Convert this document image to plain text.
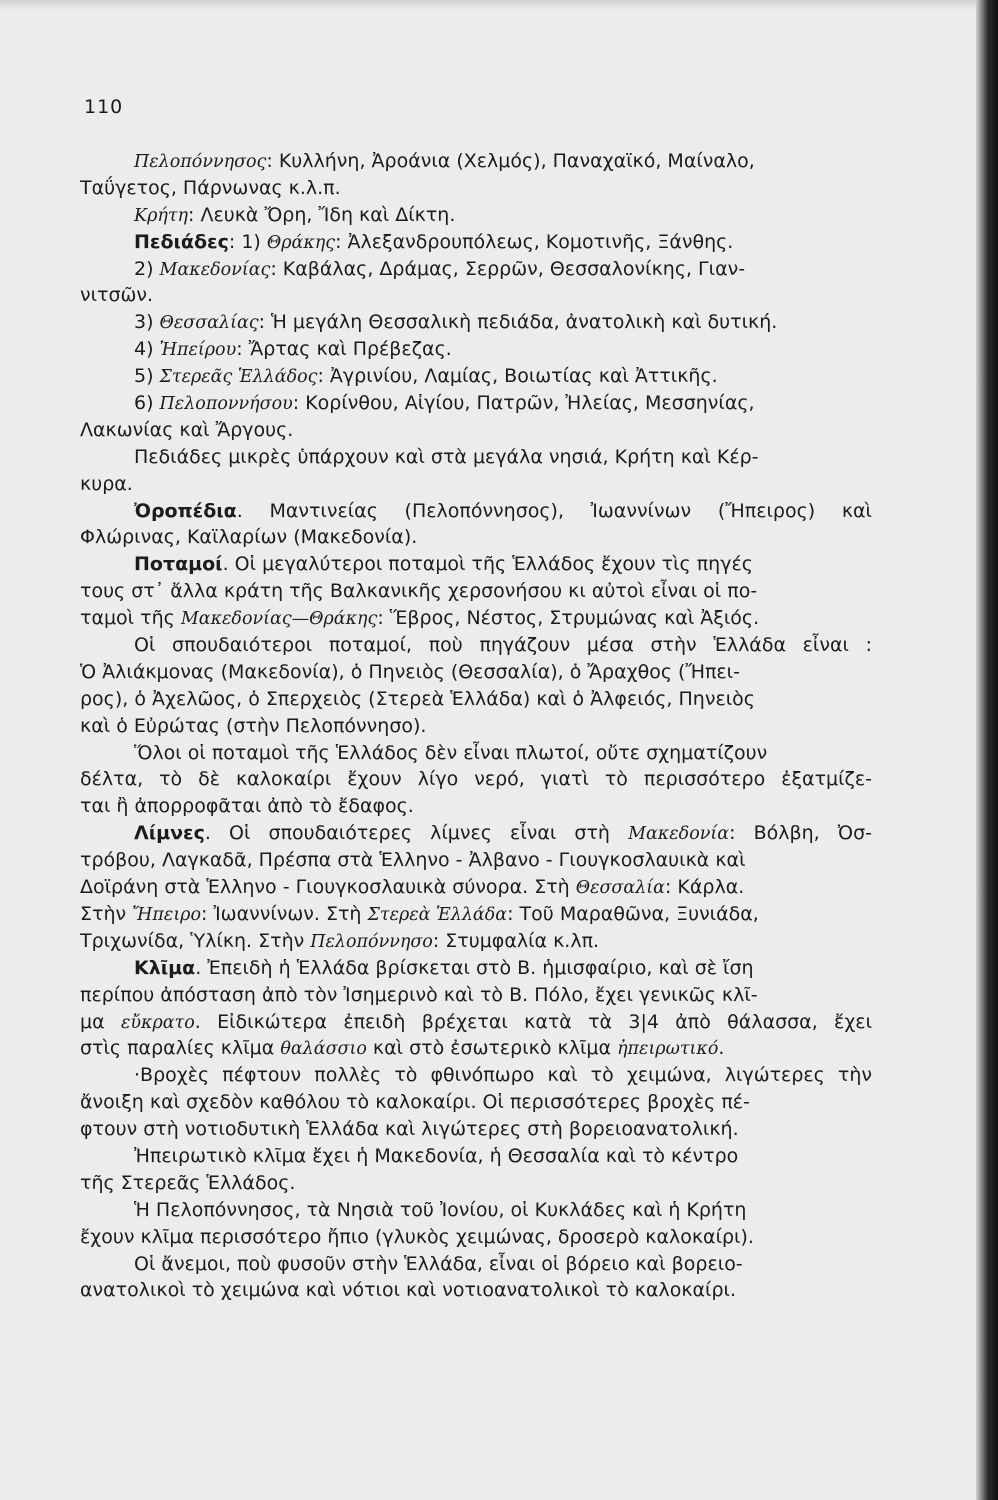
110
Πελοπόννησος: Κυλλήνη, Ἀροάνια (Χελμός), Παναχαϊκό, Μαίναλο,
Ταΰγετος, Πάρνωνας κ.λ.π.
Κρήτη: Λευκὰ Ὄρη, Ἴδη καὶ Δίκτη.
Πεδιάδες: 1) Θράκης: Ἀλεξανδρουπόλεως, Κομοτινῆς, Ξάνθης.
2) Μακεδονίας: Καβάλας, Δράμας, Σερρῶν, Θεσσαλονίκης, Γιαν-
νιτσῶν.
3) Θεσσαλίας: Ἡ μεγάλη Θεσσαλικὴ πεδιάδα, ἀνατολικὴ καὶ δυτική.
4) Ἠπείρου: Ἄρτας καὶ Πρέβεζας.
5) Στερεᾶς Ἑλλάδος: Ἀγρινίου, Λαμίας, Βοιωτίας καὶ Ἀττικῆς.
6) Πελοποννήσου: Κορίνθου, Αἰγίου, Πατρῶν, Ἠλείας, Μεσσηνίας,
Λακωνίας καὶ Ἄργους.
Πεδιάδες μικρὲς ὑπάρχουν καὶ στὰ μεγάλα νησιά, Κρήτη καὶ Κέρ-
κυρα.
Ὀροπέδια. Μαντινείας (Πελοπόννησος), Ἰωαννίνων (Ἤπειρος) καὶ
Φλώρινας, Καϊλαρίων (Μακεδονία).
Ποταμοί. Οἱ μεγαλύτεροι ποταμοὶ τῆς Ἑλλάδος ἔχουν τὶς πηγές
τους στ᾽ ἄλλα κράτη τῆς Βαλκανικῆς χερσονήσου κι αὐτοὶ εἶναι οἱ πο-
ταμοὶ τῆς Μακεδονίας—Θράκης: Ἕβρος, Νέστος, Στρυμώνας καὶ Ἀξιός.
Οἱ σπουδαιότεροι ποταμοί, ποὺ πηγάζουν μέσα στὴν Ἑλλάδα εἶναι :
Ὁ Ἀλιάκμονας (Μακεδονία), ὁ Πηνειὸς (Θεσσαλία), ὁ Ἄραχθος (Ἤπει-
ρος), ὁ Ἀχελῶος, ὁ Σπερχειὸς (Στερεὰ Ἑλλάδα) καὶ ὁ Ἀλφειός, Πηνειὸς
καὶ ὁ Εὐρώτας (στὴν Πελοπόννησο).
Ὅλοι οἱ ποταμοὶ τῆς Ἑλλάδος δὲν εἶναι πλωτοί, οὔτε σχηματίζουν
δέλτα, τὸ δὲ καλοκαίρι ἔχουν λίγο νερό, γιατὶ τὸ περισσότερο ἐξατμίζε-
ται ἢ ἀπορροφᾶται ἀπὸ τὸ ἔδαφος.
Λίμνες. Οἱ σπουδαιότερες λίμνες εἶναι στὴ Μακεδονία: Βόλβη, Ὀσ-
τρόβου, Λαγκαδᾶ, Πρέσπα στὰ Ἑλληνο - Ἀλβανο - Γιουγκοσλαυικὰ καὶ
Δοϊράνη στὰ Ἑλληνο - Γιουγκοσλαυικὰ σύνορα. Στὴ Θεσσαλία: Κάρλα.
Στὴν Ἤπειρο: Ἰωαννίνων. Στὴ Στερεὰ Ἑλλάδα: Τοῦ Μαραθῶνα, Ξυνιάδα,
Τριχωνίδα, Ὑλίκη. Στὴν Πελοπόννησο: Στυμφαλία κ.λπ.
Κλῖμα. Ἐπειδὴ ἡ Ἑλλάδα βρίσκεται στὸ Β. ἡμισφαίριο, καὶ σὲ ἴση
περίπου ἀπόσταση ἀπὸ τὸν Ἰσημερινὸ καὶ τὸ Β. Πόλο, ἔχει γενικῶς κλῖ-
μα εὔκρατο. Εἰδικώτερα ἐπειδὴ βρέχεται κατὰ τὰ 3|4 ἀπὸ θάλασσα, ἔχει
στὶς παραλίες κλῖμα θαλάσσιο καὶ στὸ ἐσωτερικὸ κλῖμα ἠπειρωτικό.
·Βροχὲς πέφτουν πολλὲς τὸ φθινόπωρο καὶ τὸ χειμώνα, λιγώτερες τὴν
ἄνοιξη καὶ σχεδὸν καθόλου τὸ καλοκαίρι. Οἱ περισσότερες βροχὲς πέ-
φτουν στὴ νοτιοδυτικὴ Ἑλλάδα καὶ λιγώτερες στὴ βορειοανατολική.
Ἠπειρωτικὸ κλῖμα ἔχει ἡ Μακεδονία, ἡ Θεσσαλία καὶ τὸ κέντρο
τῆς Στερεᾶς Ἑλλάδος.
Ἡ Πελοπόννησος, τὰ Νησιὰ τοῦ Ἰονίου, οἱ Κυκλάδες καὶ ἡ Κρήτη
ἔχουν κλῖμα περισσότερο ἤπιο (γλυκὸς χειμώνας, δροσερὸ καλοκαίρι).
Οἱ ἄνεμοι, ποὺ φυσοῦν στὴν Ἑλλάδα, εἶναι οἱ βόρειο καὶ βορειο-
ανατολικοὶ τὸ χειμώνα καὶ νότιοι καὶ νοτιοανατολικοὶ τὸ καλοκαίρι.
